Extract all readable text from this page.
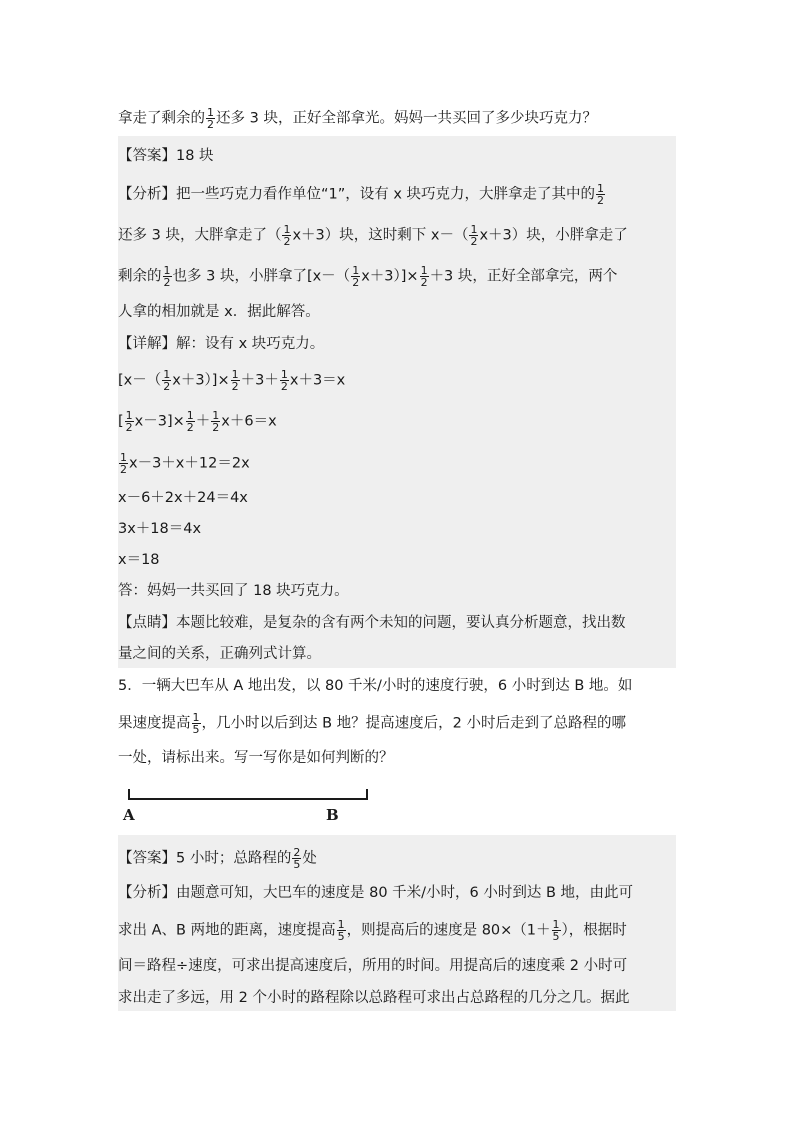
拿走了剩余的 $\frac{1}{2}$ 还多 3 块，正好全部拿光。妈妈一共买回了多少块巧克力？
【答案】18 块
【分析】把一些巧克力看作单位“1”，设有 x 块巧克力，大胖拿走了其中的 $\frac{1}{2}$
还多 3 块，大胖拿走了（ $\frac{1}{2} x+3$）块，这时剩下 $x-( \frac{1}{2} x+3)$块，小胖拿走了
剩余的 $\frac{1}{2}$ 也多 3 块，小胖拿了$[x-( \frac{1}{2} x+3)]\times \frac{1}{2} +3$ 块，正好全部拿完，两个
人拿的相加就是 x．据此解答。
【详解】解：设有 x 块巧克力。
$[x-( \frac{1}{2} x+3)]\times \frac{1}{2} +3+ \frac{1}{2} x+3=x$
[ $\frac{1}{2} x-3]\times \frac{1}{2} + \frac{1}{2} x+6=x$
$\frac{1}{2} x-3+x+12=2x$
x－6＋2x＋24＝4x
3x＋18＝4x
x＝18
答：妈妈一共买回了 18 块巧克力。
【点睛】本题比较难，是复杂的含有两个未知的问题，要认真分析题意，找出数
量之间的关系，正确列式计算。
5．一辆大巴车从 A 地出发，以 80 千米/小时的速度行驶，6 小时到达 B 地。如
果速度提高 $\frac{1}{5}$ ，几小时以后到达 B 地？提高速度后，2 小时后走到了总路程的哪
一处，请标出来。写一写你是如何判断的？
A	B
【答案】5 小时；总路程的 $\frac{2}{5}$ 处
【分析】由题意可知，大巴车的速度是 80 千米/小时，6 小时到达 B 地，由此可
求出 A、B 两地的距离，速度提高 $\frac{1}{5}$ ，则提高后的速度是 $80\times(1+ \frac{1}{5}$ ），根据时
间＝路程÷速度，可求出提高速度后，所用的时间。用提高后的速度乘 2 小时可
求出走了多远，用 2 个小时的路程除以总路程可求出占总路程的几分之几。据此
